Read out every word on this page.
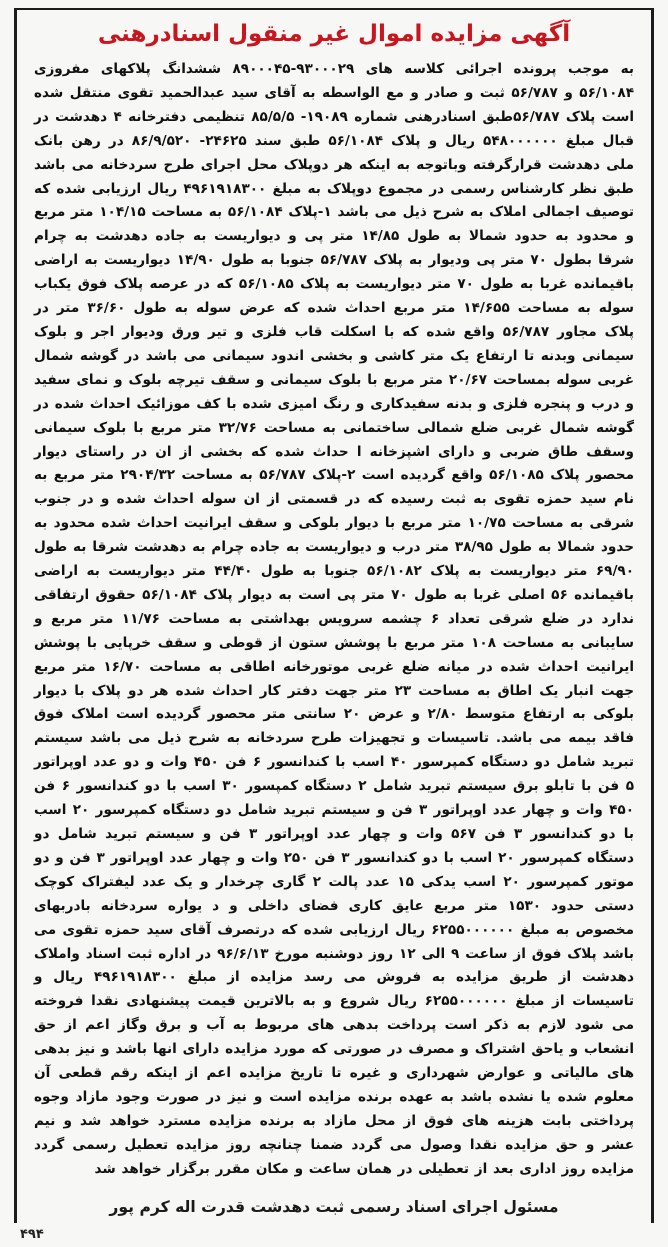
آگهی مزایده اموال غیر منقول اسنادرهنی
به موجب پرونده اجرائی کلاسه های ۹۳۰۰۰۲۹-۸۹۰۰۰۴۵ ششدانگ پلاکهای مفروزی ۵۶/۱۰۸۴ و ۵۶/۷۸۷ ثبت و صادر و مع الواسطه به آقای سید عبدالحمید تقوی منتقل شده است پلاک ۵۶/۷۸۷طبق اسنادرهنی شماره ۱۹۰۸۹- ۸۵/۵/۵ تنظیمی دفترخانه ۴ دهدشت در قبال مبلغ ۵۴۸۰۰۰۰۰۰ ریال و پلاک ۵۶/۱۰۸۴ طبق سند ۲۴۶۲۵- ۸۶/۹/۵۲۰ در رهن بانک ملی دهدشت قرارگرفته وباتوجه به اینکه هر دوپلاک محل اجرای طرح سردخانه می باشد طبق نظر کارشناس رسمی در مجموع دوپلاک به مبلغ ۴۹۶۱۹۱۸۳۰۰ ریال ارزیابی شده که توصیف اجمالی املاک به شرح ذیل می باشد ۱-پلاک ۵۶/۱۰۸۴ به مساحت ۱۰۴/۱۵ متر مربع و محدود به حدود شمالا به طول ۱۴/۸۵ متر پی و دیواریست به جاده دهدشت به چرام شرقا بطول ۷۰ متر پی ودیوار به پلاک ۵۶/۷۸۷ جنوبا به طول ۱۴/۹۰ دیواریست به اراضی باقیمانده غربا به طول ۷۰ متر دیواریست به پلاک ۵۶/۱۰۸۵ که در عرصه پلاک فوق یکباب سوله به مساحت ۱۴/۶۵۵ متر مربع احداث شده که عرض سوله به طول ۳۶/۶۰ متر در پلاک مجاور ۵۶/۷۸۷ واقع شده که با اسکلت قاب فلزی و تیر ورق ودیوار اجر و بلوک سیمانی وبدنه تا ارتفاع یک متر کاشی و بخشی اندود سیمانی می باشد در گوشه شمال غربی سوله بمساحت ۲۰/۶۷ متر مربع با بلوک سیمانی و سقف تیرچه بلوک و نمای سفید و درب و پنجره فلزی و بدنه سفیدکاری و رنگ امیزی شده با کف موزائیک احداث شده در گوشه شمال غربی ضلع شمالی ساختمانی به مساحت ۳۲/۷۶ متر مربع با بلوک سیمانی وسقف طاق ضربی و دارای اشپزخانه ا حداث شده که بخشی از ان در راستای دیوار محصور پلاک ۵۶/۱۰۸۵ واقع گردیده است ۲-پلاک ۵۶/۷۸۷ به مساحت ۲۹۰۴/۳۲ متر مربع به نام سید حمزه تقوی به ثبت رسیده که در قسمتی از ان سوله احداث شده و در جنوب شرقی به مساحت ۱۰/۷۵ متر مربع با دیوار بلوکی و سقف ایرانیت احداث شده محدود به حدود شمالا به طول ۳۸/۹۵ متر درب و دیواریست به جاده چرام به دهدشت شرقا به طول ۶۹/۹۰ متر دیواریست به پلاک ۵۶/۱۰۸۲ جنوبا به طول ۴۴/۴۰ متر دیواریست به اراضی باقیمانده ۵۶ اصلی غربا به طول ۷۰ متر پی است به دیوار پلاک ۵۶/۱۰۸۴ حقوق ارتفاقی ندارد در ضلع شرقی تعداد ۶ چشمه سرویس بهداشتی به مساحت ۱۱/۷۶ متر مربع و سایبانی به مساحت ۱۰۸ متر مربع با پوشش ستون از قوطی و سقف خرپایی با پوشش ایرانیت احداث شده در میانه ضلع غربی موتورخانه اطاقی به مساحت ۱۶/۷۰ متر مربع جهت انبار یک اطاق به مساحت ۲۳ متر جهت دفتر کار احداث شده هر دو پلاک با دیوار بلوکی به ارتفاع متوسط ۲/۸۰ و عرض ۲۰ سانتی متر محصور گردیده است املاک فوق فاقد بیمه می باشد. تاسیسات و تجهیزات طرح سردخانه به شرح ذیل می باشد سیستم تبرید شامل دو دستگاه کمپرسور ۴۰ اسب با کندانسور ۶ فن ۴۵۰ وات و دو عدد اوپراتور ۵ فن با تابلو برق سیستم تبرید شامل ۲ دستگاه کمپسور ۳۰ اسب با دو کندانسور ۶ فن ۴۵۰ وات و چهار عدد اوپراتور ۳ فن و سیستم تبرید شامل دو دستگاه کمپرسور ۲۰ اسب با دو کندانسور ۳ فن ۵۶۷ وات و چهار عدد اوپراتور ۳ فن و سیستم تبرید شامل دو دستگاه کمپرسور ۲۰ اسب با دو کندانسور ۳ فن ۲۵۰ وات و چهار عدد اوپراتور ۳ فن و دو موتور کمپرسور ۲۰ اسب یدکی ۱۵ عدد پالت ۲ گاری چرخدار و یک عدد لیفتراک کوچک دستی حدود ۱۵۳۰ متر مربع عایق کاری فضای داخلی و د یواره سردخانه بادربهای مخصوص به مبلغ ۶۲۵۵۰۰۰۰۰۰ ریال ارزیابی شده که درتصرف آقای سید حمزه تقوی می باشد پلاک فوق از ساعت ۹ الی ۱۲ روز دوشنبه مورخ ۹۶/۶/۱۳ در اداره ثبت اسناد واملاک دهدشت از طریق مزایده به فروش می رسد مزایده از مبلغ ۴۹۶۱۹۱۸۳۰۰ ریال و تاسیسات از مبلغ ۶۲۵۵۰۰۰۰۰۰ ریال شروع و به بالاترین قیمت پیشنهادی نقدا فروخته می شود لازم به ذکر است پرداخت بدهی های مربوط به آب و برق وگاز اعم از حق انشعاب و یاحق اشتراک و مصرف در صورتی که مورد مزایده دارای انها باشد و نیز بدهی های مالیاتی و عوارض شهرداری و غیره تا تاریخ مزایده اعم از اینکه رقم قطعی آن معلوم شده یا نشده باشد به عهده برنده مزایده است و نیز در صورت وجود مازاد وجوه پرداختی بابت هزینه های فوق از محل مازاد به برنده مزایده مسترد خواهد شد و نیم عشر و حق مزایده نقدا وصول می گردد ضمنا چنانچه روز مزایده تعطیل رسمی گردد مزایده روز اداری بعد از تعطیلی در همان ساعت و مکان مقرر برگزار خواهد شد
مسئول اجرای اسناد رسمی ثبت دهدشت قدرت اله کرم پور
۴۹۴
